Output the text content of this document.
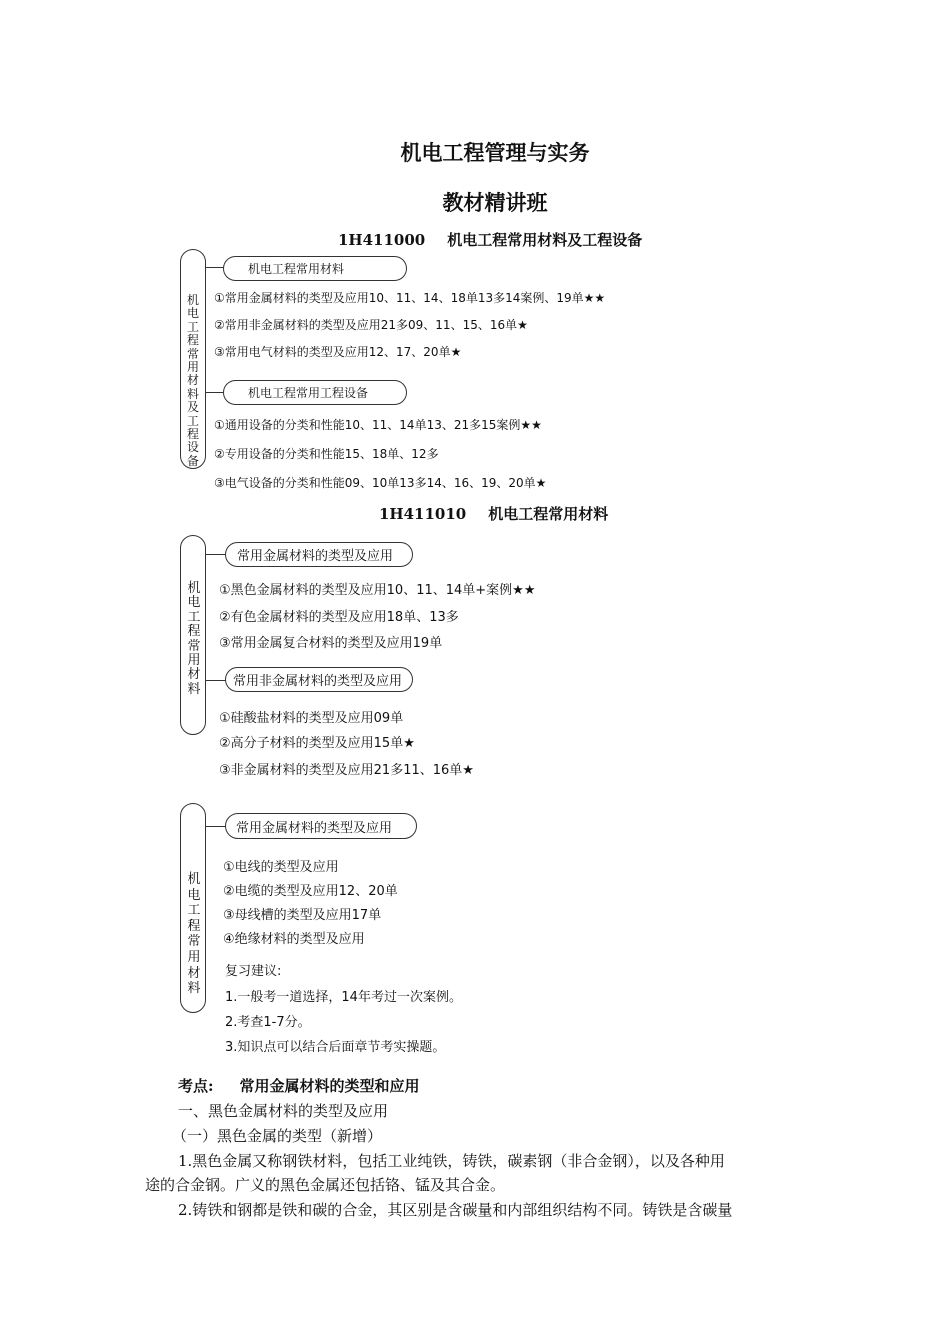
机电工程管理与实务
教材精讲班
1H411000 机电工程常用材料及工程设备
机
电
工
程
常
用
材
料
及
工
程
设
备
机电工程常用材料
①常用金属材料的类型及应用10、11、14、18单13多14案例、19单★★
②常用非金属材料的类型及应用21多09、11、15、16单★
③常用电气材料的类型及应用12、17、20单★
机电工程常用工程设备
①通用设备的分类和性能10、11、14单13、21多15案例★★
②专用设备的分类和性能15、18单、12多
③电气设备的分类和性能09、10单13多14、16、19、20单★
1H411010 机电工程常用材料
机
电
工
程
常
用
材
料
常用金属材料的类型及应用
①黑色金属材料的类型及应用10、11、14单+案例★★
②有色金属材料的类型及应用18单、13多
③常用金属复合材料的类型及应用19单
常用非金属材料的类型及应用
①硅酸盐材料的类型及应用09单
②高分子材料的类型及应用15单★
③非金属材料的类型及应用21多11、16单★
机
电
工
程
常
用
材
料
常用金属材料的类型及应用
①电线的类型及应用
②电缆的类型及应用12、20单
③母线槽的类型及应用17单
④绝缘材料的类型及应用
复习建议:
1.一般考一道选择，14年考过一次案例。
2.考查1-7分。
3.知识点可以结合后面章节考实操题。
考点: 常用金属材料的类型和应用
一、黑色金属材料的类型及应用
（一）黑色金属的类型（新增）
1.黑色金属又称钢铁材料，包括工业纯铁，铸铁，碳素钢（非合金钢），以及各种用
途的合金钢。广义的黑色金属还包括铬、锰及其合金。
2.铸铁和钢都是铁和碳的合金，其区别是含碳量和内部组织结构不同。铸铁是含碳量
